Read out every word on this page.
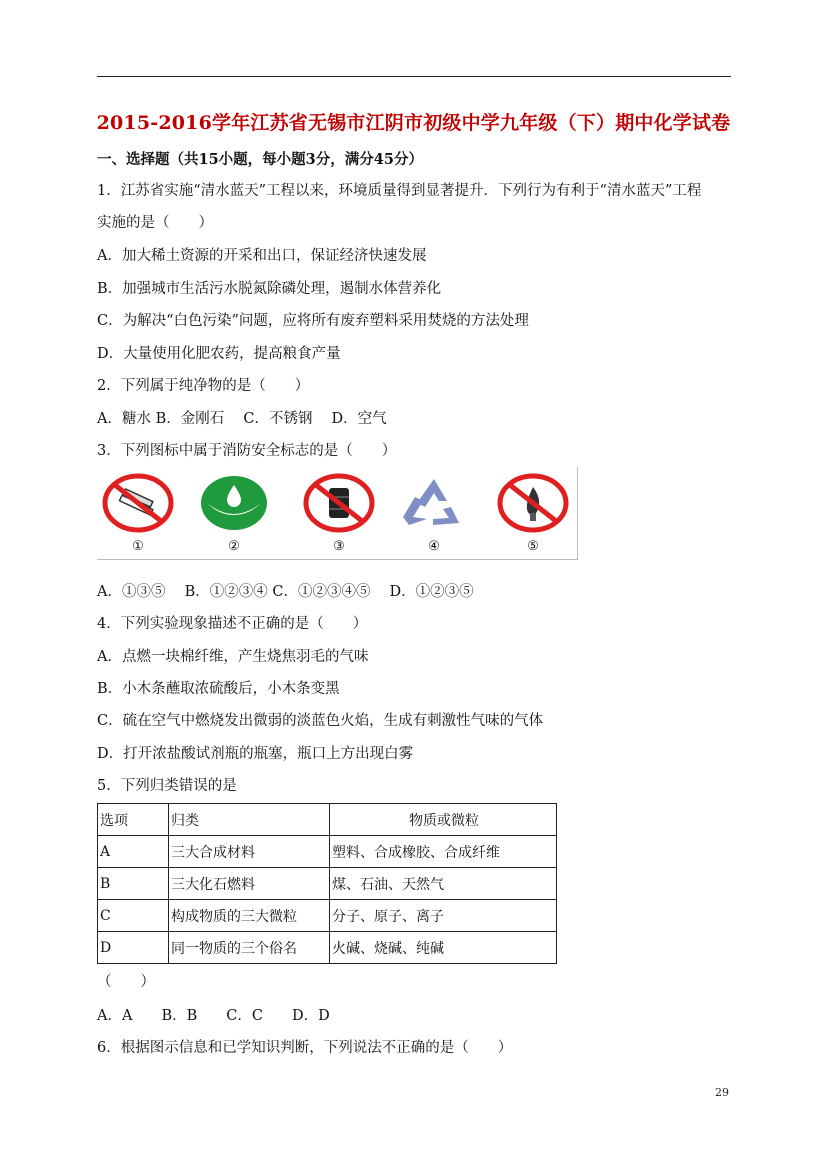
2015-2016学年江苏省无锡市江阴市初级中学九年级（下）期中化学试卷
一、选择题（共15小题，每小题3分，满分45分）
1．江苏省实施“清水蓝天”工程以来，环境质量得到显著提升．下列行为有利于“清水蓝天”工程
实施的是（　　）
A．加大稀土资源的开采和出口，保证经济快速发展
B．加强城市生活污水脱氮除磷处理，遏制水体营养化
C．为解决“白色污染”问题，应将所有废弃塑料采用焚烧的方法处理
D．大量使用化肥农药，提高粮食产量
2．下列属于纯净物的是（　　）
A．糖水 B．金刚石　 C．不锈钢　 D．空气
3．下列图标中属于消防安全标志的是（　　）
①	②	③	④	⑤
A．①③⑤　 B．①②③④ C．①②③④⑤　 D．①②③⑤
4．下列实验现象描述不正确的是（　　）
A．点燃一块棉纤维，产生烧焦羽毛的气味
B．小木条蘸取浓硫酸后，小木条变黑
C．硫在空气中燃烧发出微弱的淡蓝色火焰，生成有刺激性气味的气体
D．打开浓盐酸试剂瓶的瓶塞，瓶口上方出现白雾
5．下列归类错误的是
选项	归类	物质或微粒
A	三大合成材料	塑料、合成橡胶、合成纤维
B	三大化石燃料	煤、石油、天然气
C	构成物质的三大微粒	分子、原子、离子
D	同一物质的三个俗名	火碱、烧碱、纯碱
（　　）
A．A　　B．B　　C．C　　D．D
6．根据图示信息和已学知识判断，下列说法不正确的是（　　）
29
